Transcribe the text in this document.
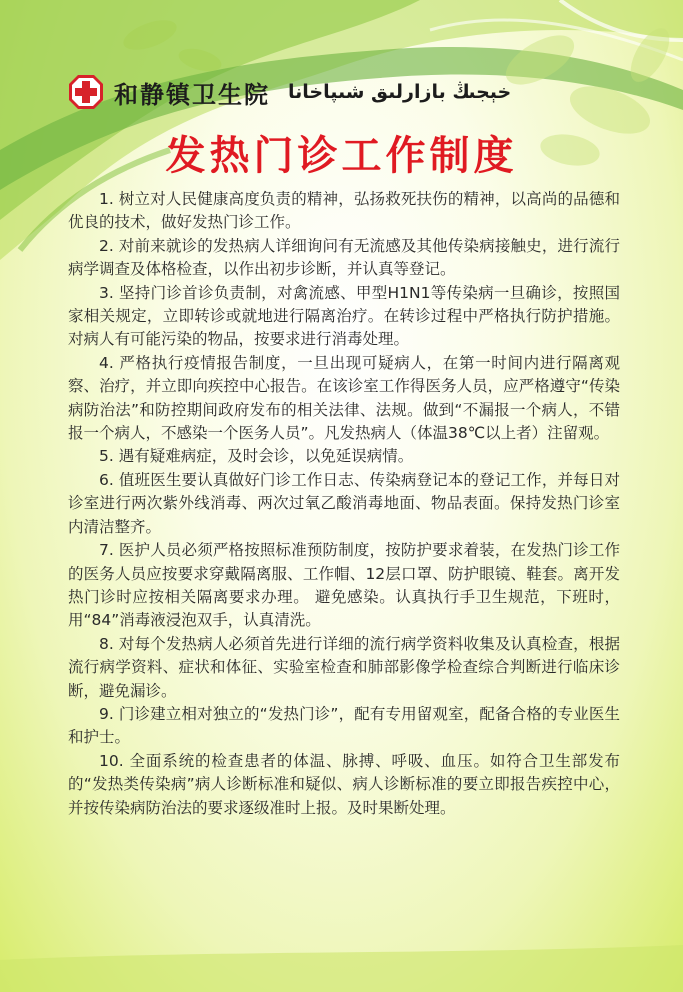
和静镇卫生院 خېجىڭ بازارلىق شىپاخانا
发热门诊工作制度

1. 树立对人民健康高度负责的精神，弘扬救死扶伤的精神，以高尚的品德和优良的技术，做好发热门诊工作。

2. 对前来就诊的发热病人详细询问有无流感及其他传染病接触史，进行流行病学调查及体格检查，以作出初步诊断，并认真等登记。

3. 坚持门诊首诊负责制，对禽流感、甲型H1N1等传染病一旦确诊，按照国家相关规定，立即转诊或就地进行隔离治疗。在转诊过程中严格执行防护措施。对病人有可能污染的物品，按要求进行消毒处理。

4. 严格执行疫情报告制度，一旦出现可疑病人，在第一时间内进行隔离观察、治疗，并立即向疾控中心报告。在该诊室工作得医务人员，应严格遵守“传染病防治法”和防控期间政府发布的相关法律、法规。做到“不漏报一个病人，不错报一个病人，不感染一个医务人员”。凡发热病人（体温38℃以上者）注留观。

5. 遇有疑难病症，及时会诊，以免延误病情。

6. 值班医生要认真做好门诊工作日志、传染病登记本的登记工作，并每日对诊室进行两次紫外线消毒、两次过氧乙酸消毒地面、物品表面。保持发热门诊室内清洁整齐。

7. 医护人员必须严格按照标准预防制度，按防护要求着装，在发热门诊工作的医务人员应按要求穿戴隔离服、工作帽、12层口罩、防护眼镜、鞋套。离开发热门诊时应按相关隔离要求办理。 避免感染。认真执行手卫生规范，下班时，用“84”消毒液浸泡双手，认真清洗。

8. 对每个发热病人必须首先进行详细的流行病学资料收集及认真检查，根据流行病学资料、症状和体征、实验室检查和肺部影像学检查综合判断进行临床诊断，避免漏诊。

9. 门诊建立相对独立的“发热门诊”，配有专用留观室，配备合格的专业医生和护士。

10. 全面系统的检查患者的体温、脉搏、呼吸、血压。如符合卫生部发布的“发热类传染病”病人诊断标准和疑似、病人诊断标准的要立即报告疾控中心，并按传染病防治法的要求逐级准时上报。及时果断处理。
